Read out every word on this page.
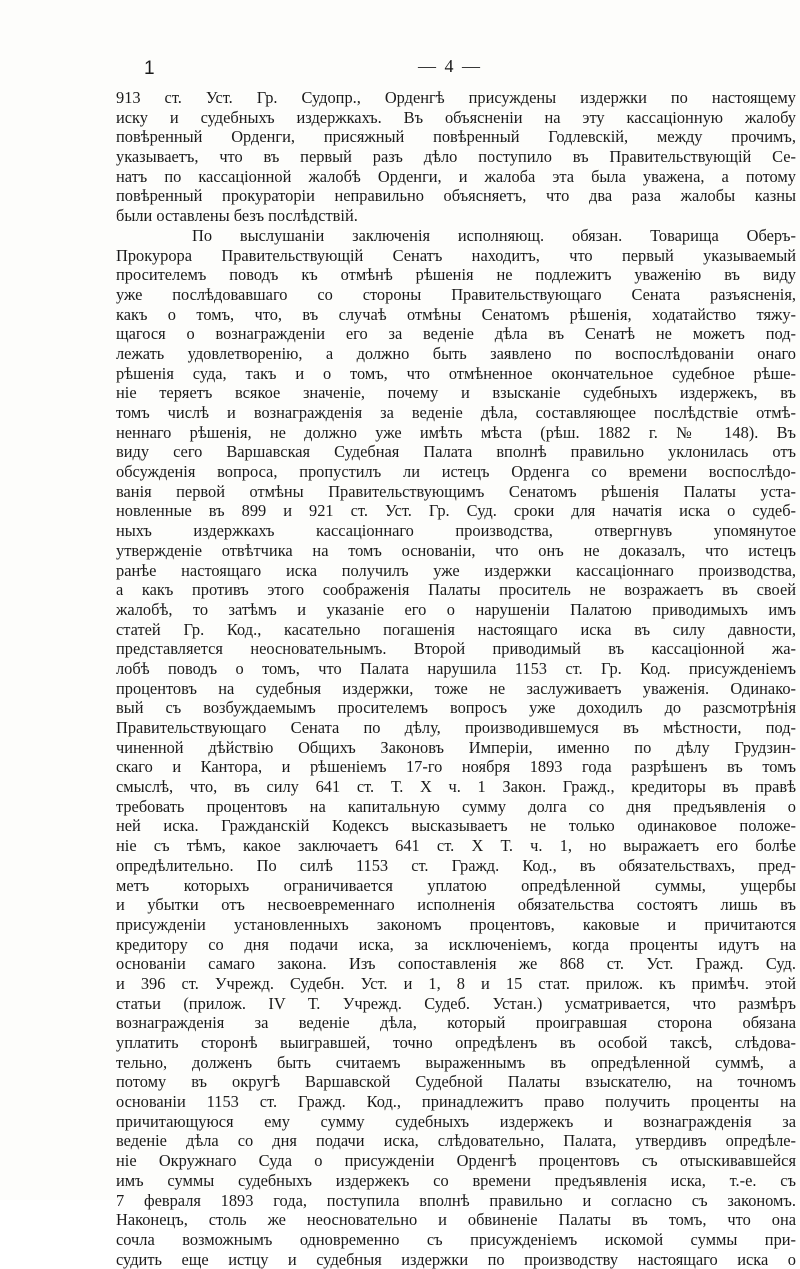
1	— 4 —
913 ст. Уст. Гр. Судопр., Орденгѣ присуждены издержки по настоящему
иску и судебныхъ издержкахъ. Въ объясненіи на эту кассаціонную жалобу
повѣренный Орденги, присяжный повѣренный Годлевскій, между прочимъ,
указываетъ, что въ первый разъ дѣло поступило въ Правительствующій Се-
натъ по кассаціонной жалобѣ Орденги, и жалоба эта была уважена, а потому
повѣренный прокураторіи неправильно объясняетъ, что два раза жалобы казны
были оставлены безъ послѣдствій.
По выслушаніи заключенія исполняющ. обязан. Товарища Оберъ-
Прокурора Правительствующій Сенатъ находитъ, что первый указываемый
просителемъ поводъ къ отмѣнѣ рѣшенія не подлежитъ уваженію въ виду
уже послѣдовавшаго со стороны Правительствующаго Сената разъясненія,
какъ о томъ, что, въ случаѣ отмѣны Сенатомъ рѣшенія, ходатайство тяжу-
щагося о вознагражденіи его за веденіе дѣла въ Сенатѣ не можетъ под-
лежать удовлетворенію, а должно быть заявлено по воспослѣдованіи онаго
рѣшенія суда, такъ и о томъ, что отмѣненное окончательное судебное рѣше-
ніе теряетъ всякое значеніе, почему и взысканіе судебныхъ издержекъ, въ
томъ числѣ и вознагражденія за веденіе дѣла, составляющее послѣдствіе отмѣ-
неннаго рѣшенія, не должно уже имѣть мѣста (рѣш. 1882 г. № 148). Въ
виду сего Варшавская Судебная Палата вполнѣ правильно уклонилась отъ
обсужденія вопроса, пропустилъ ли истецъ Орденга со времени воспослѣдо-
ванія первой отмѣны Правительствующимъ Сенатомъ рѣшенія Палаты уста-
новленные въ 899 и 921 ст. Уст. Гр. Суд. сроки для начатія иска о судеб-
ныхъ издержкахъ кассаціоннаго производства, отвергнувъ упомянутое
утвержденіе отвѣтчика на томъ основаніи, что онъ не доказалъ, что истецъ
ранѣе настоящаго иска получилъ уже издержки кассаціоннаго производства,
а какъ противъ этого соображенія Палаты проситель не возражаетъ въ своей
жалобѣ, то затѣмъ и указаніе его о нарушеніи Палатою приводимыхъ имъ
статей Гр. Код., касательно погашенія настоящаго иска въ силу давности,
представляется неосновательнымъ. Второй приводимый въ кассаціонной жа-
лобѣ поводъ о томъ, что Палата нарушила 1153 ст. Гр. Код. присужденіемъ
процентовъ на судебныя издержки, тоже не заслуживаетъ уваженія. Одинако-
вый съ возбуждаемымъ просителемъ вопросъ уже доходилъ до разсмотрѣнія
Правительствующаго Сената по дѣлу, производившемуся въ мѣстности, под-
чиненной дѣйствію Общихъ Законовъ Имперіи, именно по дѣлу Грудзин-
скаго и Кантора, и рѣшеніемъ 17-го ноября 1893 года разрѣшенъ въ томъ
смыслѣ, что, въ силу 641 ст. Т. X ч. 1 Закон. Гражд., кредиторы въ правѣ
требовать процентовъ на капитальную сумму долга со дня предъявленія о
ней иска. Гражданскій Кодексъ высказываетъ не только одинаковое положе-
ніе съ тѣмъ, какое заключаетъ 641 ст. X Т. ч. 1, но выражаетъ его болѣе
опредѣлительно. По силѣ 1153 ст. Гражд. Код., въ обязательствахъ, пред-
метъ которыхъ ограничивается уплатою опредѣленной суммы, ущербы
и убытки отъ несвоевременнаго исполненія обязательства состоятъ лишь въ
присужденіи установленныхъ закономъ процентовъ, каковые и причитаются
кредитору со дня подачи иска, за исключеніемъ, когда проценты идутъ на
основаніи самаго закона. Изъ сопоставленія же 868 ст. Уст. Гражд. Суд.
и 396 ст. Учрежд. Судебн. Уст. и 1, 8 и 15 стат. прилож. къ примѣч. этой
статьи (прилож. IV Т. Учрежд. Судеб. Устан.) усматривается, что размѣръ
вознагражденія за веденіе дѣла, который проигравшая сторона обязана
уплатить сторонѣ выигравшей, точно опредѣленъ въ особой таксѣ, слѣдова-
тельно, долженъ быть считаемъ выраженнымъ въ опредѣленной суммѣ, а
потому въ округѣ Варшавской Судебной Палаты взыскателю, на точномъ
основаніи 1153 ст. Гражд. Код., принадлежитъ право получить проценты на
причитающуюся ему сумму судебныхъ издержекъ и вознагражденія за
веденіе дѣла со дня подачи иска, слѣдовательно, Палата, утвердивъ опредѣле-
ніе Окружнаго Суда о присужденіи Орденгѣ процентовъ съ отыскивавшейся
имъ суммы судебныхъ издержекъ со времени предъявленія иска, т.-е. съ
7 февраля 1893 года, поступила вполнѣ правильно и согласно съ закономъ.
Наконецъ, столь же неосновательно и обвиненіе Палаты въ томъ, что она
сочла возможнымъ одновременно съ присужденіемъ искомой суммы при-
судить еще истцу и судебныя издержки по производству настоящаго иска о
